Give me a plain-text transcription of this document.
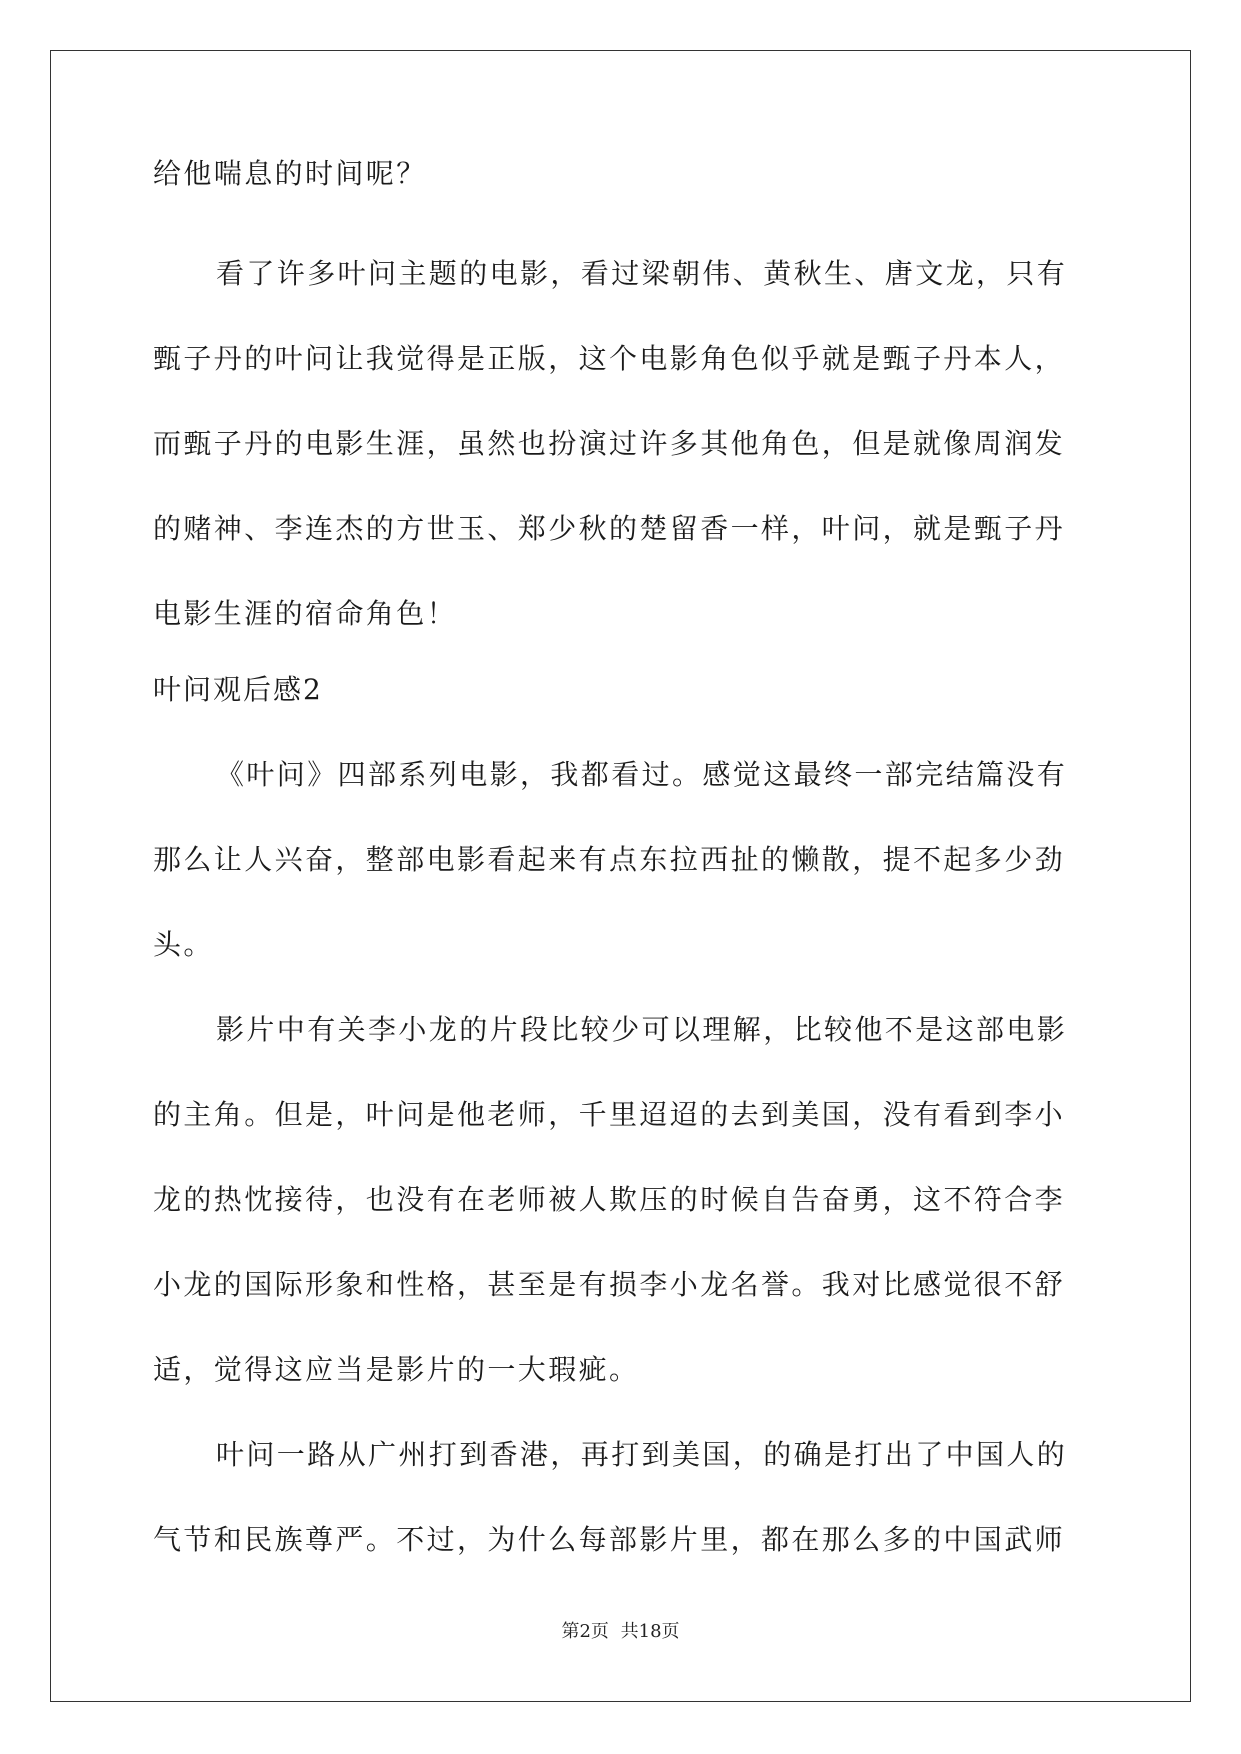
给他喘息的时间呢？
看了许多叶问主题的电影，看过梁朝伟、黄秋生、唐文龙，只有
甄子丹的叶问让我觉得是正版，这个电影角色似乎就是甄子丹本人，
而甄子丹的电影生涯，虽然也扮演过许多其他角色，但是就像周润发
的赌神、李连杰的方世玉、郑少秋的楚留香一样，叶问，就是甄子丹
电影生涯的宿命角色！
叶问观后感2
《叶问》四部系列电影，我都看过。感觉这最终一部完结篇没有
那么让人兴奋，整部电影看起来有点东拉西扯的懒散，提不起多少劲
头。
影片中有关李小龙的片段比较少可以理解，比较他不是这部电影
的主角。但是，叶问是他老师，千里迢迢的去到美国，没有看到李小
龙的热忱接待，也没有在老师被人欺压的时候自告奋勇，这不符合李
小龙的国际形象和性格，甚至是有损李小龙名誉。我对比感觉很不舒
适，觉得这应当是影片的一大瑕疵。
叶问一路从广州打到香港，再打到美国，的确是打出了中国人的
气节和民族尊严。不过，为什么每部影片里，都在那么多的中国武师
第2页 共18页
